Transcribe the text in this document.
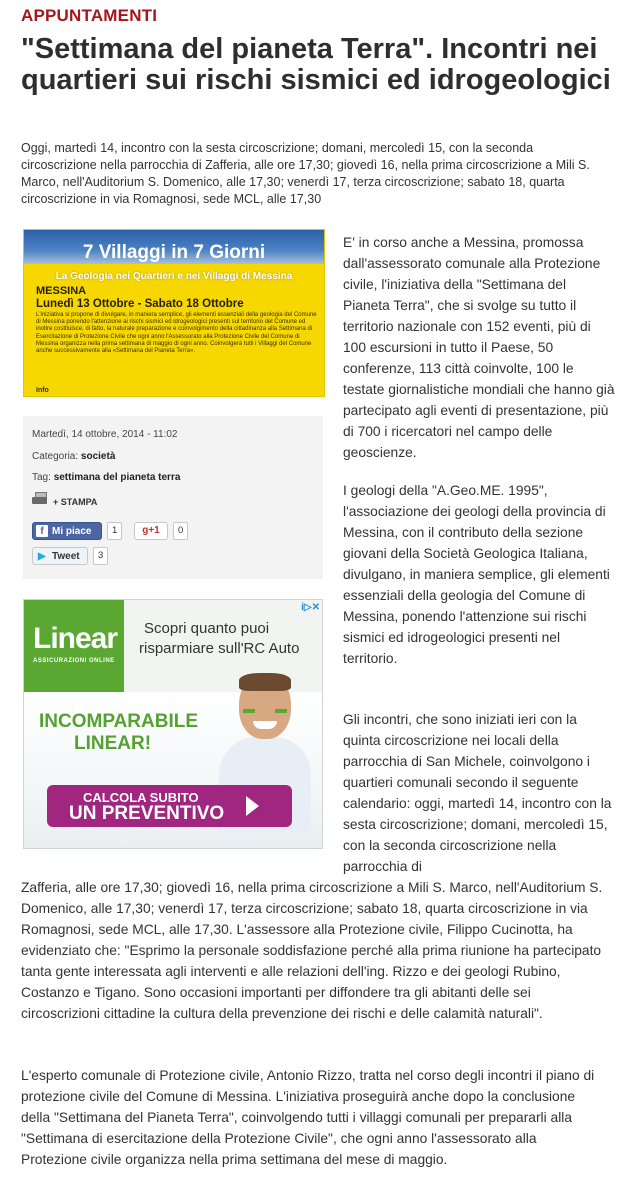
APPUNTAMENTI
"Settimana del pianeta Terra". Incontri nei quartieri sui rischi sismici ed idrogeologici

Oggi, martedì 14, incontro con la sesta circoscrizione; domani, mercoledì 15, con la seconda circoscrizione nella parrocchia di Zafferia, alle ore 17,30; giovedì 16, nella prima circoscrizione a Mili S. Marco, nell'Auditorium S. Domenico, alle 17,30; venerdì 17, terza circoscrizione; sabato 18, quarta circoscrizione in via Romagnosi, sede MCL, alle 17,30

7 Villaggi in 7 Giorni
La Geologia nei Quartieri e nei Villaggi di Messina
MESSINA
Lunedì 13 Ottobre - Sabato 18 Ottobre
L'iniziativa si propone di divulgare, in maniera semplice, gli elementi essenziali della geologia del Comune di Messina ponendo l'attenzione ai rischi sismici ed idrogeologici presenti sul territorio del Comune ed inoltre costituisce, di fatto, la naturale preparazione e coinvolgimento della cittadinanza alla Settimana di Esercitazione di Protezione Civile che ogni anno l'Assessorato alla Protezione Civile del Comune di Messina organizza nella prima settimana di maggio di ogni anno. Coinvolgerà tutti i Villaggi del Comune anche successivamente alla «Settimana del Pianeta Terra».
Info
Martedì, 14 ottobre, 2014 - 11:02
Categoria: società
Tag: settimana del pianeta terra
+ STAMPA
f Mi piace	1	g+1	0
▶ Tweet	3
Linear
ASSICURAZIONI ONLINE
Scopri quanto puoi
risparmiare sull'RC Auto
i▷✕
INCOMPARABILE
LINEAR!
CALCOLA SUBITO
UN PREVENTIVO

E' in corso anche a Messina, promossa dall'assessorato comunale alla Protezione civile, l'iniziativa della "Settimana del Pianeta Terra", che si svolge su tutto il territorio nazionale con 152 eventi, più di 100 escursioni in tutto il Paese, 50 conferenze, 113 città coinvolte, 100 le testate giornalistiche mondiali che hanno già partecipato agli eventi di presentazione, più di 700 i ricercatori nel campo delle geoscienze.

I geologi della "A.Geo.ME. 1995", l'associazione dei geologi della provincia di Messina, con il contributo della sezione giovani della Società Geologica Italiana, divulgano, in maniera semplice, gli elementi essenziali della geologia del Comune di Messina, ponendo l'attenzione sui rischi sismici ed idrogeologici presenti nel territorio.

Gli incontri, che sono iniziati ieri con la quinta circoscrizione nei locali della parrocchia di San Michele, coinvolgono i quartieri comunali secondo il seguente calendario: oggi, martedì 14, incontro con la sesta circoscrizione; domani, mercoledì 15, con la seconda circoscrizione nella parrocchia di

Zafferia, alle ore 17,30; giovedì 16, nella prima circoscrizione a Mili S. Marco, nell'Auditorium S. Domenico, alle 17,30; venerdì 17, terza circoscrizione; sabato 18, quarta circoscrizione in via Romagnosi, sede MCL, alle 17,30. L'assessore alla Protezione civile, Filippo Cucinotta, ha evidenziato che: "Esprimo la personale soddisfazione perché alla prima riunione ha partecipato tanta gente interessata agli interventi e alle relazioni dell'ing. Rizzo e dei geologi Rubino, Costanzo e Tigano. Sono occasioni importanti per diffondere tra gli abitanti delle sei circoscrizioni cittadine la cultura della prevenzione dei rischi e delle calamità naturali".

L'esperto comunale di Protezione civile, Antonio Rizzo, tratta nel corso degli incontri il piano di protezione civile del Comune di Messina. L'iniziativa proseguirà anche dopo la conclusione della "Settimana del Pianeta Terra", coinvolgendo tutti i villaggi comunali per prepararli alla "Settimana di esercitazione della Protezione Civile", che ogni anno l'assessorato alla Protezione civile organizza nella prima settimana del mese di maggio.
